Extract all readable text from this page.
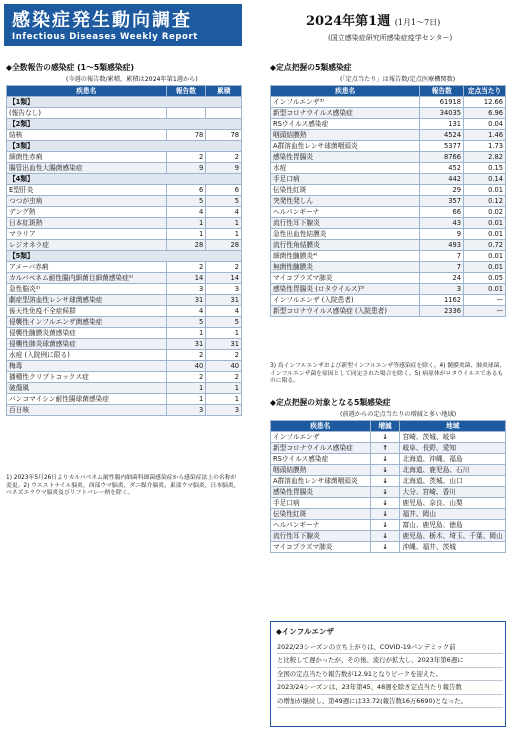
感染症発生動向調査
Infectious Diseases Weekly Report
2024年第1週 (1月1～7日)
(国立感染症研究所感染症疫学センター)
◆全数報告の感染症 (1～5類感染症)
(今週の報告数/累積，累積は2024年第1週から)
疾患名	報告数	累積
【1類】		
(報告なし)		
【2類】		
結核	78	78
【3類】		
細菌性赤痢	2	2
腸管出血性大腸菌感染症	9	9
【4類】		
E型肝炎	6	6
つつが虫病	5	5
デング熱	4	4
日本紅斑熱	1	1
マラリア	1	1
レジオネラ症	28	28
【5類】		
アメーバ赤痢	2	2
カルバペネム耐性腸内細菌目細菌感染症¹⁾	14	14
急性脳炎²⁾	3	3
劇症型溶血性レンサ球菌感染症	31	31
後天性免疫不全症候群	4	4
侵襲性インフルエンザ菌感染症	5	5
侵襲性髄膜炎菌感染症	1	1
侵襲性肺炎球菌感染症	31	31
水痘 (入院例に限る)	2	2
梅毒	40	40
播種性クリプトコックス症	2	2
破傷風	1	1
バンコマイシン耐性腸球菌感染症	1	1
百日咳	3	3
1) 2023年5月26日よりカルバペネム耐性腸内細菌科細菌感染症から感染症法上の名称が変更。2) ウエストナイル脳炎、西部ウマ脳炎、ダニ媒介脳炎、東部ウマ脳炎、日本脳炎、ベネズエラウマ脳炎及びリフトバレー熱を除く。
◆定点把握の5類感染症
(「定点当たり」は報告数/定点医療機関数)
疾患名	報告数	定点当たり
インフルエンザ³⁾	61918	12.66
新型コロナウイルス感染症	34035	6.96
RSウイルス感染症	131	0.04
咽頭結膜熱	4524	1.46
A群溶血性レンサ球菌咽頭炎	5377	1.73
感染性胃腸炎	8766	2.82
水痘	452	0.15
手足口病	442	0.14
伝染性紅斑	29	0.01
突発性発しん	357	0.12
ヘルパンギーナ	66	0.02
流行性耳下腺炎	43	0.01
急性出血性結膜炎	9	0.01
流行性角結膜炎	493	0.72
細菌性髄膜炎⁴⁾	7	0.01
無菌性髄膜炎	7	0.01
マイコプラズマ肺炎	24	0.05
感染性胃腸炎 (ロタウイルス)⁵⁾	3	0.01
インフルエンザ (入院患者)	1162	—
新型コロナウイルス感染症 (入院患者)	2336	—
3) 鳥インフルエンザおよび新型インフルエンザ等感染症を除く。4) 髄膜炎菌、肺炎球菌、インフルエンザ菌を原因として同定された場合を除く。5) 病原体がロタウイルスであるものに限る。
◆定点把握の対象となる5類感染症
(前週からの定点当たりの増減と多い地域)
疾患名	増減	地域
インフルエンザ	↓	宮崎、茨城、岐阜
新型コロナウイルス感染症	↑	岐阜、長野、愛知
RSウイルス感染症	↓	北海道、沖縄、福島
咽頭結膜熱	↓	北海道、鹿児島、石川
A群溶血性レンサ球菌咽頭炎	↓	北海道、茨城、山口
感染性胃腸炎	↓	大分、宮崎、香川
手足口病	↓	鹿児島、奈良、山梨
伝染性紅斑	↓	福井、岡山
ヘルパンギーナ	↓	富山、鹿児島、徳島
流行性耳下腺炎	↓	鹿児島、栃木、埼玉、千葉、岡山
マイコプラズマ肺炎	↓	沖縄、福井、茨城
◆インフルエンザ

2022/23シーズンの立ち上がりは、COVID-19パンデミック前

と比較して遅かったが、その後、流行が拡大し、2023年第6週に

全国の定点当たり報告数が12.91となりピークを迎えた。

2023/24シーズンは、23年第45、48週を除き定点当たり報告数

の増加が継続し、第49週には33.72(報告数16万6690)となった。
